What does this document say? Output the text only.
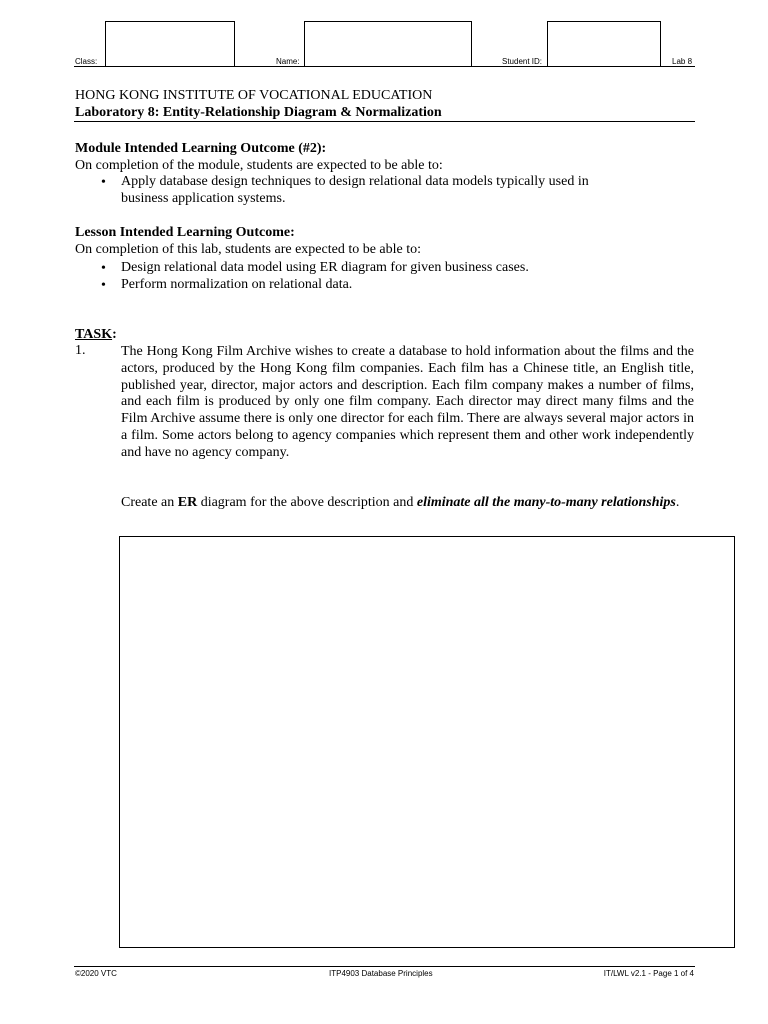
Class:	Name:	Student ID:	Lab 8
HONG KONG INSTITUTE OF VOCATIONAL EDUCATION
Laboratory 8: Entity-Relationship Diagram & Normalization
Module Intended Learning Outcome (#2):
On completion of the module, students are expected to be able to:
• Apply database design techniques to design relational data models typically used in
business application systems.
Lesson Intended Learning Outcome:
On completion of this lab, students are expected to be able to:
• Design relational data model using ER diagram for given business cases.
• Perform normalization on relational data.
TASK:
1.	The Hong Kong Film Archive wishes to create a database to hold information about the films and the actors, produced by the Hong Kong film companies. Each film has a Chinese title, an English title, published year, director, major actors and description. Each film company makes a number of films, and each film is produced by only one film company. Each director may direct many films and the Film Archive assume there is only one director for each film. There are always several major actors in a film. Some actors belong to agency companies which represent them and other work independently and have no agency company.
Create an ER diagram for the above description and eliminate all the many-to-many relationships.
©2020 VTC	ITP4903 Database Principles	IT/LWL v2.1 - Page 1 of 4
